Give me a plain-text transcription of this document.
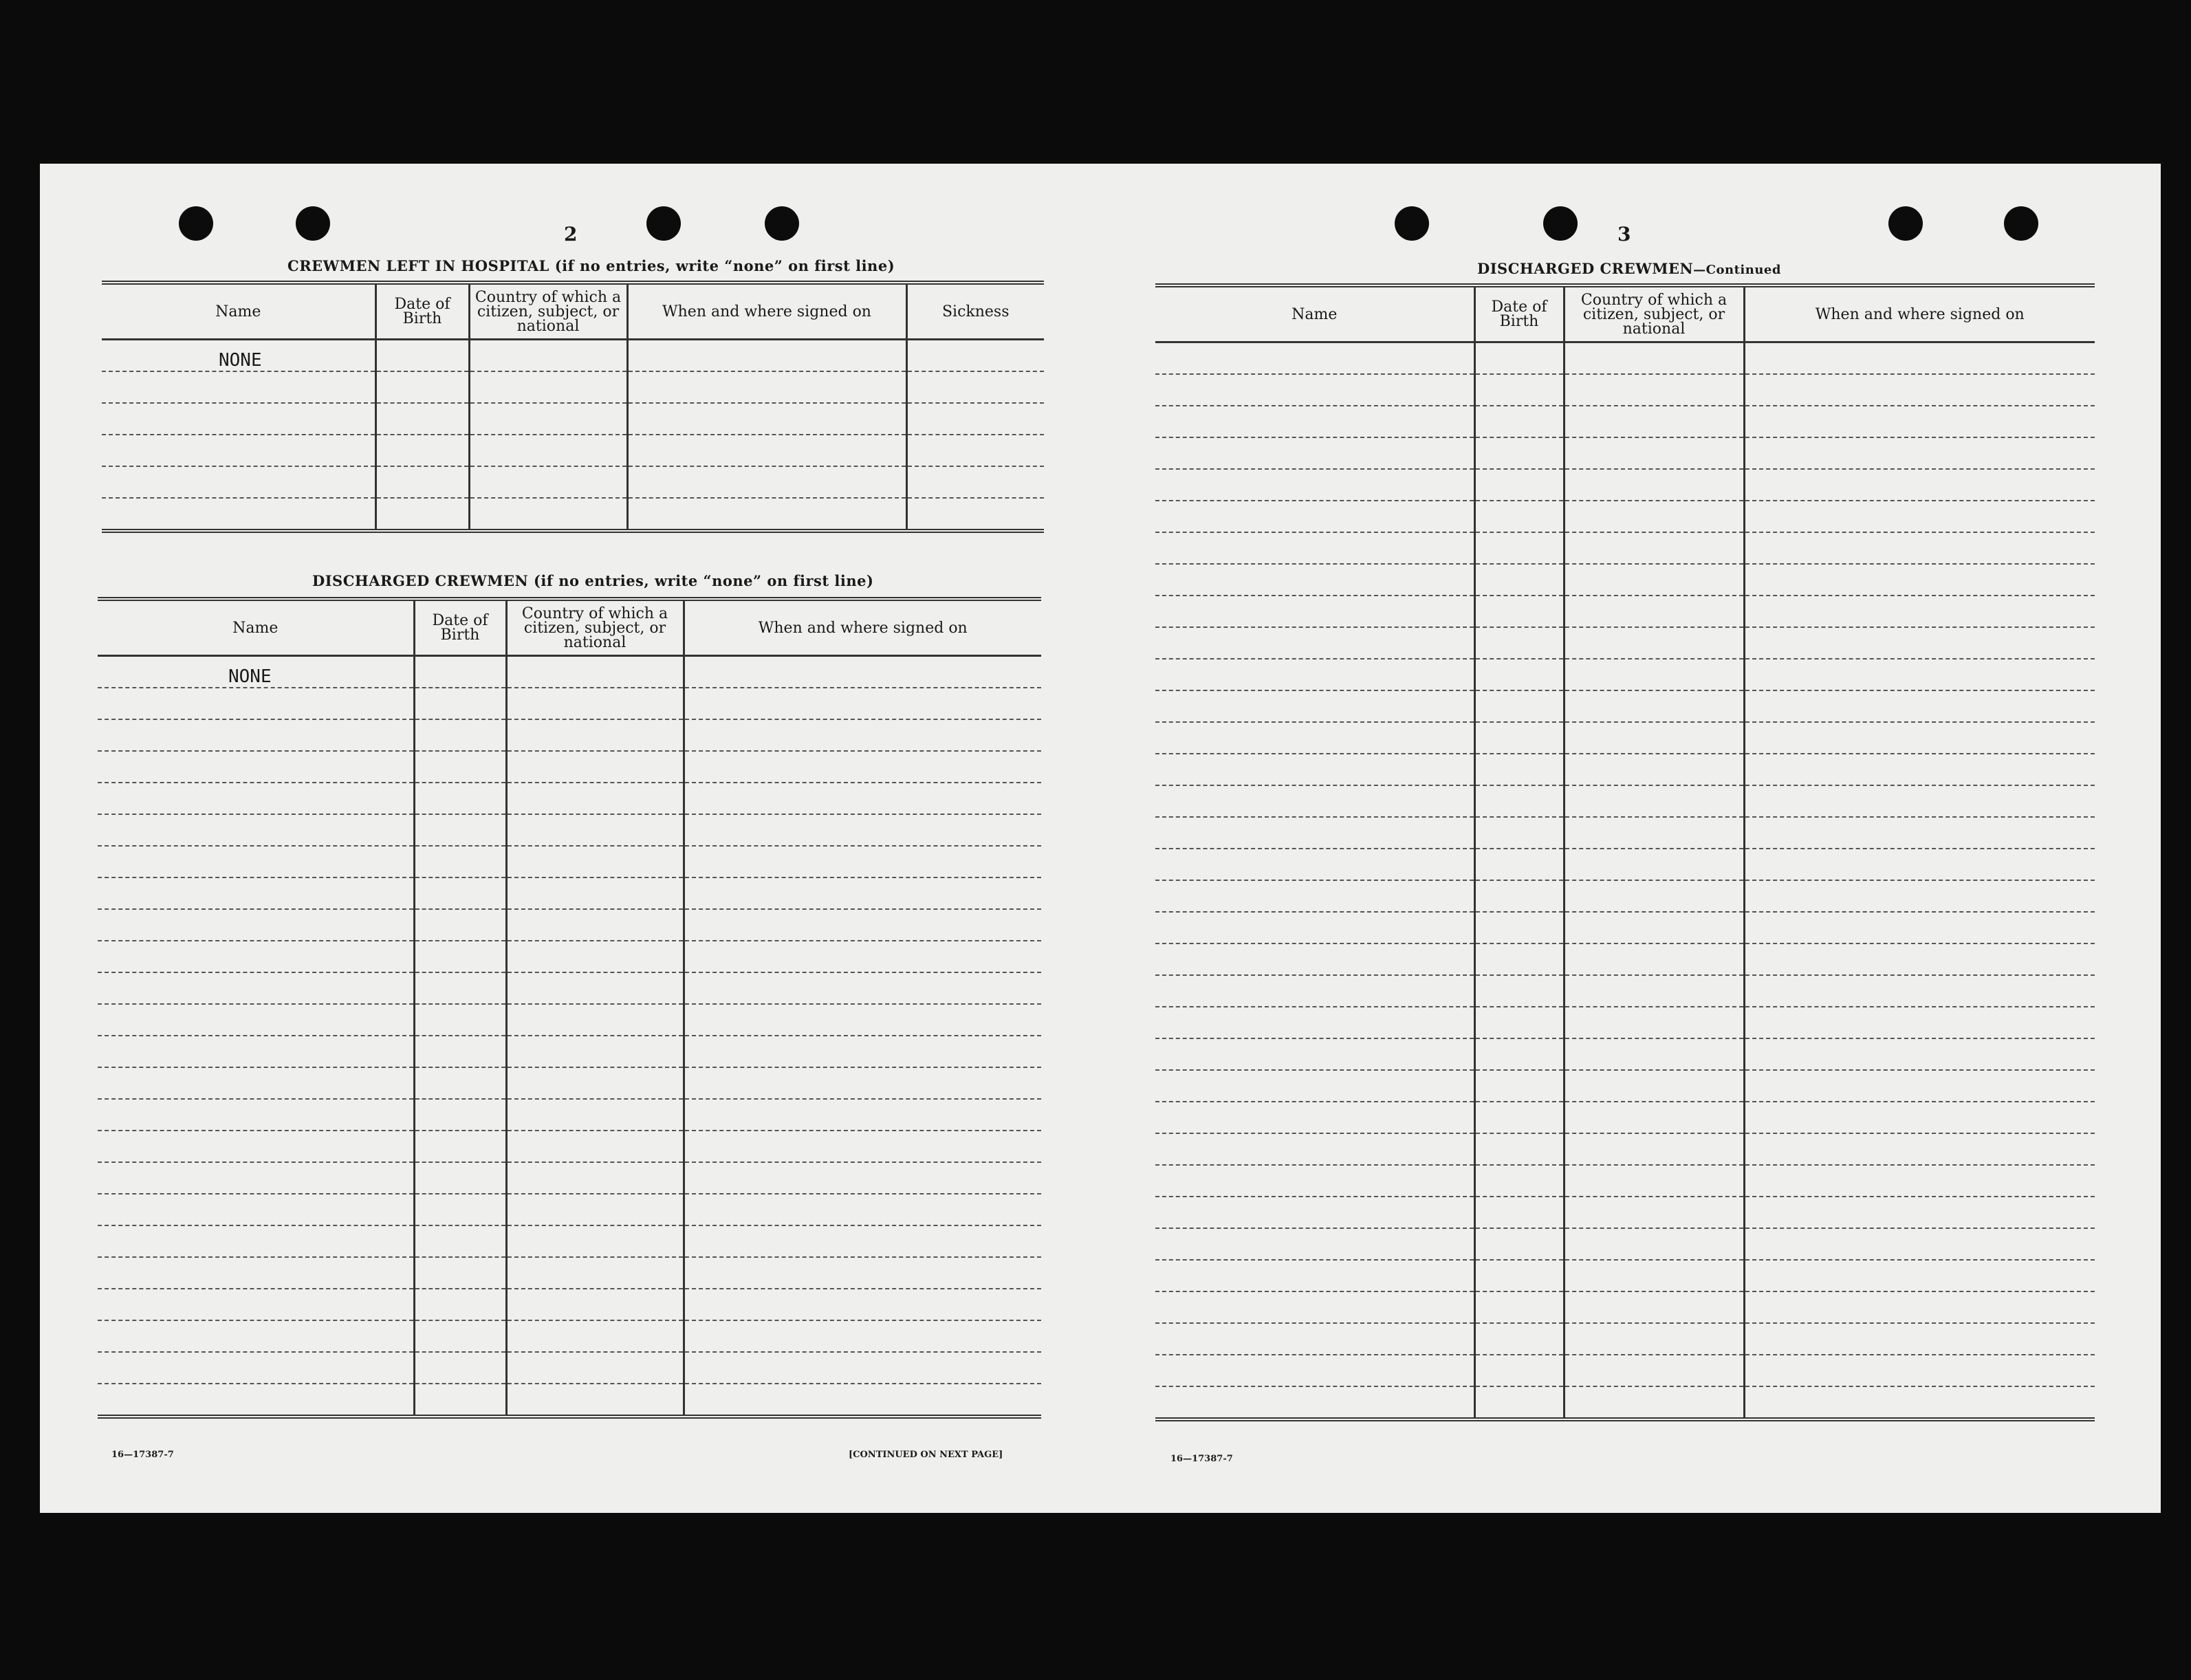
2
CREWMEN LEFT IN HOSPITAL (if no entries, write “none” on first line)
Name	Date of Birth	Country of which a citizen, subject, or national	When and where signed on	Sickness
NONE				

DISCHARGED CREWMEN (if no entries, write “none” on first line)
Name	Date of Birth	Country of which a citizen, subject, or national	When and where signed on
NONE			

16—17387-7	[CONTINUED ON NEXT PAGE]
3
DISCHARGED CREWMEN—Continued
Name	Date of Birth	Country of which a citizen, subject, or national	When and where signed on

16—17387-7
